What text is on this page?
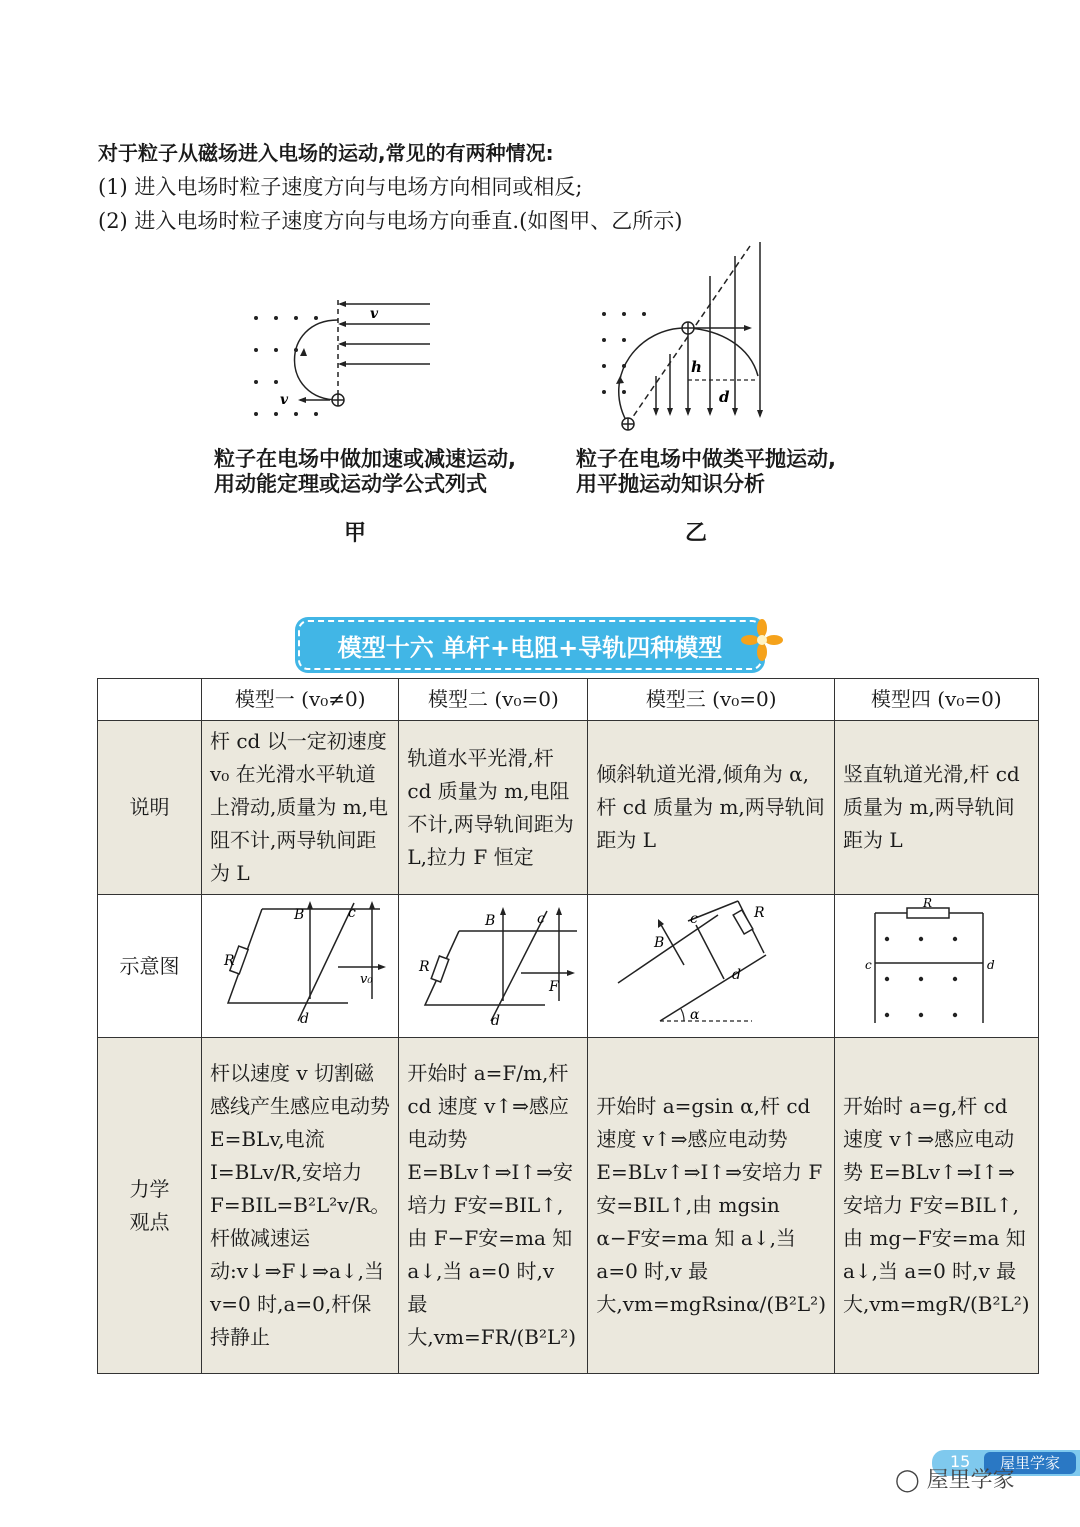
对于粒子从磁场进入电场的运动,常见的有两种情况:
(1) 进入电场时粒子速度方向与电场方向相同或相反;
(2) 进入电场时粒子速度方向与电场方向垂直.(如图甲、乙所示)
v
v
粒子在电场中做加速或减速运动,
用动能定理或运动学公式列式
甲
h
d
粒子在电场中做类平抛运动,
用平抛运动知识分析
乙
模型十六 单杆+电阻+导轨四种模型
	模型一 (v₀≠0)	模型二 (v₀=0)	模型三 (v₀=0)	模型四 (v₀=0)
说明	杆 cd 以一定初速度 v₀ 在光滑水平轨道上滑动,质量为 m,电阻不计,两导轨间距为 L	轨道水平光滑,杆 cd 质量为 m,电阻不计,两导轨间距为 L,拉力 F 恒定	倾斜轨道光滑,倾角为 α,杆 cd 质量为 m,两导轨间距为 L	竖直轨道光滑,杆 cd 质量为 m,两导轨间距为 L
示意图	B c
R
v₀
d	B c
R
F
d	c
B
R
d
α	R
c d

力学
观点	杆以速度 v 切割磁感线产生感应电动势 E=BLv,电流 I=BLv/R,安培力 F=BIL=B²L²v/R。杆做减速运动:v↓⇒F↓⇒a↓,当 v=0 时,a=0,杆保持静止	开始时 a=F/m,杆 cd 速度 v↑⇒感应电动势 E=BLv↑⇒I↑⇒安培力 F安=BIL↑,由 F−F安=ma 知 a↓,当 a=0 时,v 最大,vm=FR/(B²L²)	开始时 a=gsin α,杆 cd 速度 v↑⇒感应电动势 E=BLv↑⇒I↑⇒安培力 F安=BIL↑,由 mgsin α−F安=ma 知 a↓,当 a=0 时,v 最大,vm=mgRsinα/(B²L²)	开始时 a=g,杆 cd 速度 v↑⇒感应电动势 E=BLv↑⇒I↑⇒安培力 F安=BIL↑,由 mg−F安=ma 知 a↓,当 a=0 时,v 最大,vm=mgR/(B²L²)
15	屋里学家
◯ 屋里学家
